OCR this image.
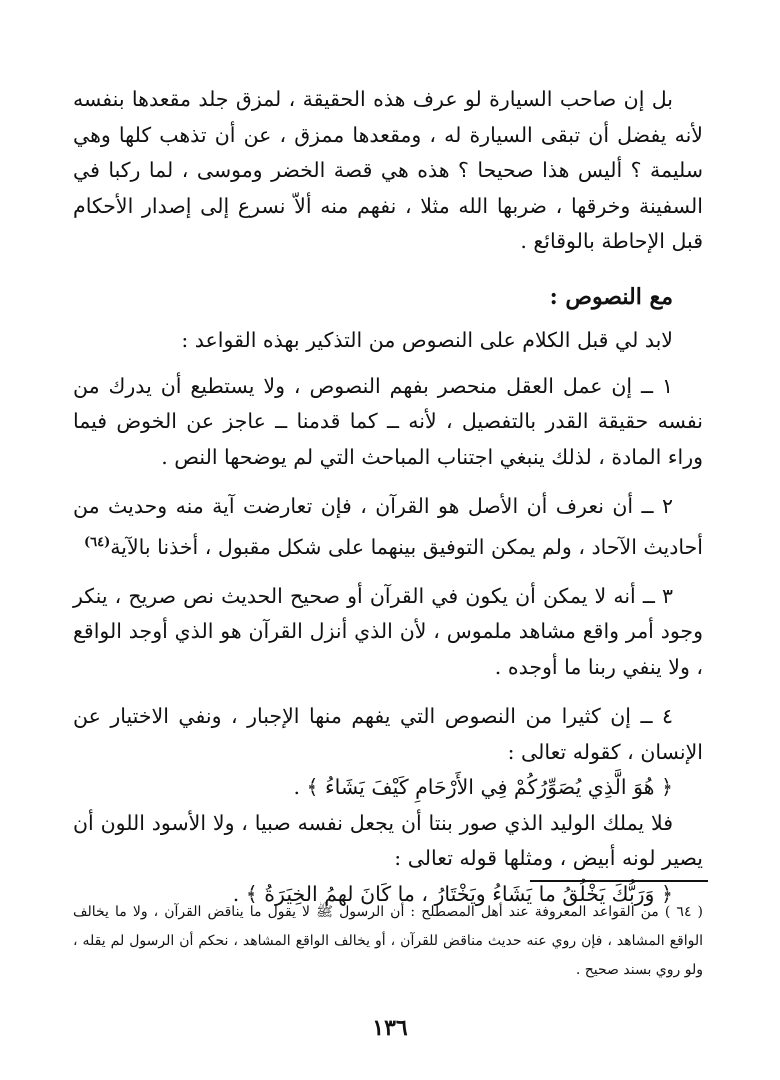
بل إن صاحب السيارة لو عرف هذه الحقيقة ، لمزق جلد مقعدها بنفسه لأنه يفضل أن تبقى السيارة له ، ومقعدها ممزق ، عن أن تذهب كلها وهي سليمة ؟ أليس هذا صحيحا ؟ هذه هي قصة الخضر وموسى ، لما ركبا في السفينة وخرقها ، ضربها الله مثلا ، نفهم منه ألاّ نسرع إلى إصدار الأحكام قبل الإحاطة بالوقائع .

مع النصوص :

لابد لي قبل الكلام على النصوص من التذكير بهذه القواعد :

١ ــ إن عمل العقل منحصر بفهم النصوص ، ولا يستطيع أن يدرك من نفسه حقيقة القدر بالتفصيل ، لأنه ــ كما قدمنا ــ عاجز عن الخوض فيما وراء المادة ، لذلك ينبغي اجتناب المباحث التي لم يوضحها النص .

٢ ــ أن نعرف أن الأصل هو القرآن ، فإن تعارضت آية منه وحديث من أحاديث الآحاد ، ولم يمكن التوفيق بينهما على شكل مقبول ، أخذنا بالآية$^{(٦٤)}$

٣ ــ أنه لا يمكن أن يكون في القرآن أو صحيح الحديث نص صريح ، ينكر وجود أمر واقع مشاهد ملموس ، لأن الذي أنزل القرآن هو الذي أوجد الواقع ، ولا ينفي ربنا ما أوجده .

٤ ــ إن كثيرا من النصوص التي يفهم منها الإجبار ، ونفي الاختيار عن الإنسان ، كقوله تعالى :

﴿ هُوَ الَّذِي يُصَوِّرُكُمْ فِي الأَرْحَامِ كَيْفَ يَشَاءُ ﴾ .

فلا يملك الوليد الذي صور بنتا أن يجعل نفسه صبيا ، ولا الأسود اللون أن يصير لونه أبيض ، ومثلها قوله تعالى :

﴿ وَرَبُّكَ يَخْلُقُ ما يَشَاءُ ويَخْتَارُ ، ما كَانَ لهمُ الخِيَرَةُ ﴾ .

( ٦٤ ) من القواعد المعروفة عند أهل المصطلح : أن الرسول ﷺ لا يقول ما يناقض القرآن ، ولا ما يخالف الواقع المشاهد ، فإن روي عنه حديث مناقض للقرآن ، أو يخالف الواقع المشاهد ، نحكم أن الرسول لم يقله ، ولو روي بسند صحيح .

١٣٦
